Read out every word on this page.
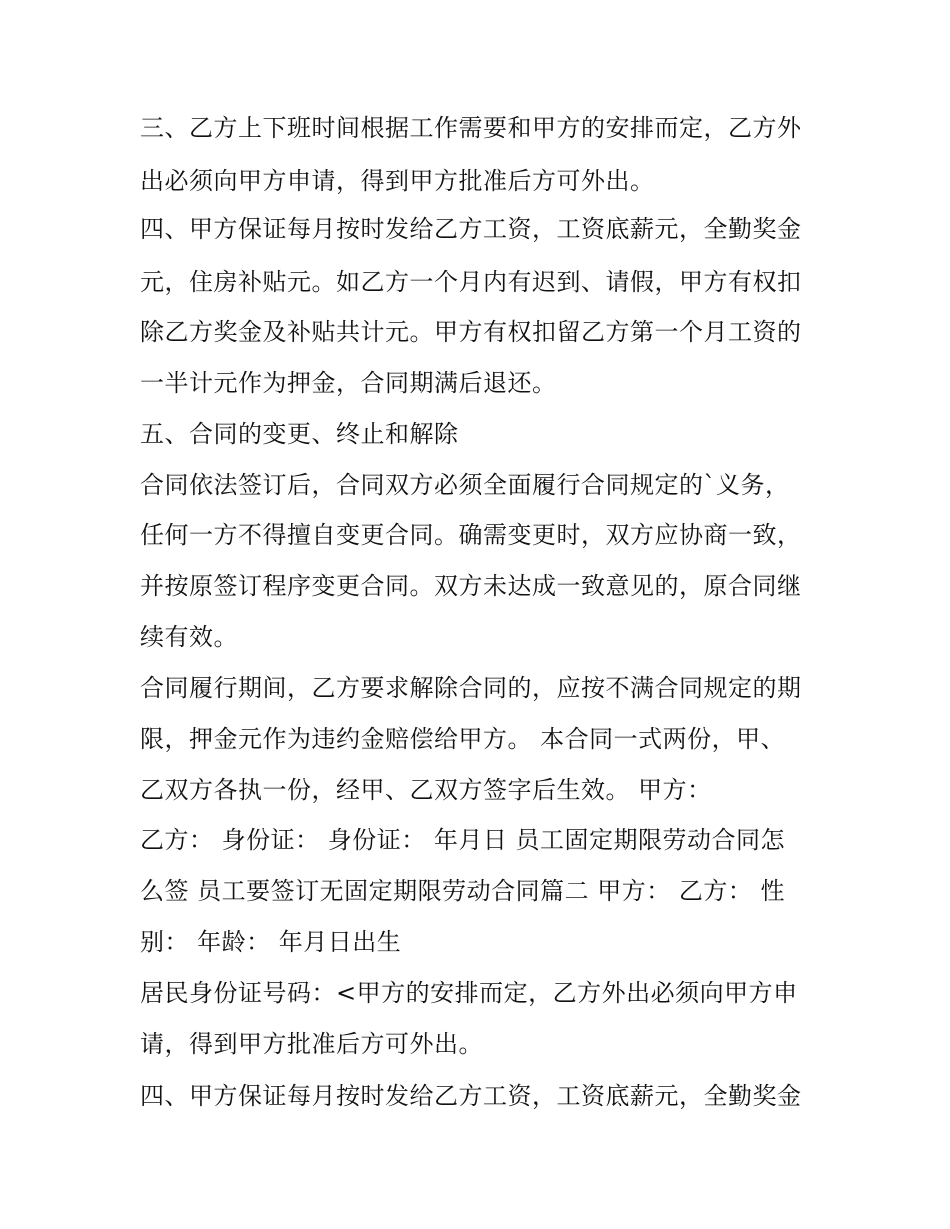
三、乙方上下班时间根据工作需要和甲方的安排而定，乙方外
出必须向甲方申请，得到甲方批准后方可外出。
四、甲方保证每月按时发给乙方工资，工资底薪元，全勤奖金
元，住房补贴元。如乙方一个月内有迟到、请假，甲方有权扣
除乙方奖金及补贴共计元。甲方有权扣留乙方第一个月工资的
一半计元作为押金，合同期满后退还。
五、合同的变更、终止和解除
合同依法签订后，合同双方必须全面履行合同规定的`义务，
任何一方不得擅自变更合同。确需变更时，双方应协商一致，
并按原签订程序变更合同。双方未达成一致意见的，原合同继
续有效。
合同履行期间，乙方要求解除合同的，应按不满合同规定的期
限，押金元作为违约金赔偿给甲方。 本合同一式两份，甲、
乙双方各执一份，经甲、乙双方签字后生效。 甲方：
乙方： 身份证： 身份证： 年月日 员工固定期限劳动合同怎
么签 员工要签订无固定期限劳动合同篇二 甲方： 乙方： 性
别： 年龄： 年月日出生
居民身份证号码：<甲方的安排而定，乙方外出必须向甲方申
请，得到甲方批准后方可外出。
四、甲方保证每月按时发给乙方工资，工资底薪元，全勤奖金
